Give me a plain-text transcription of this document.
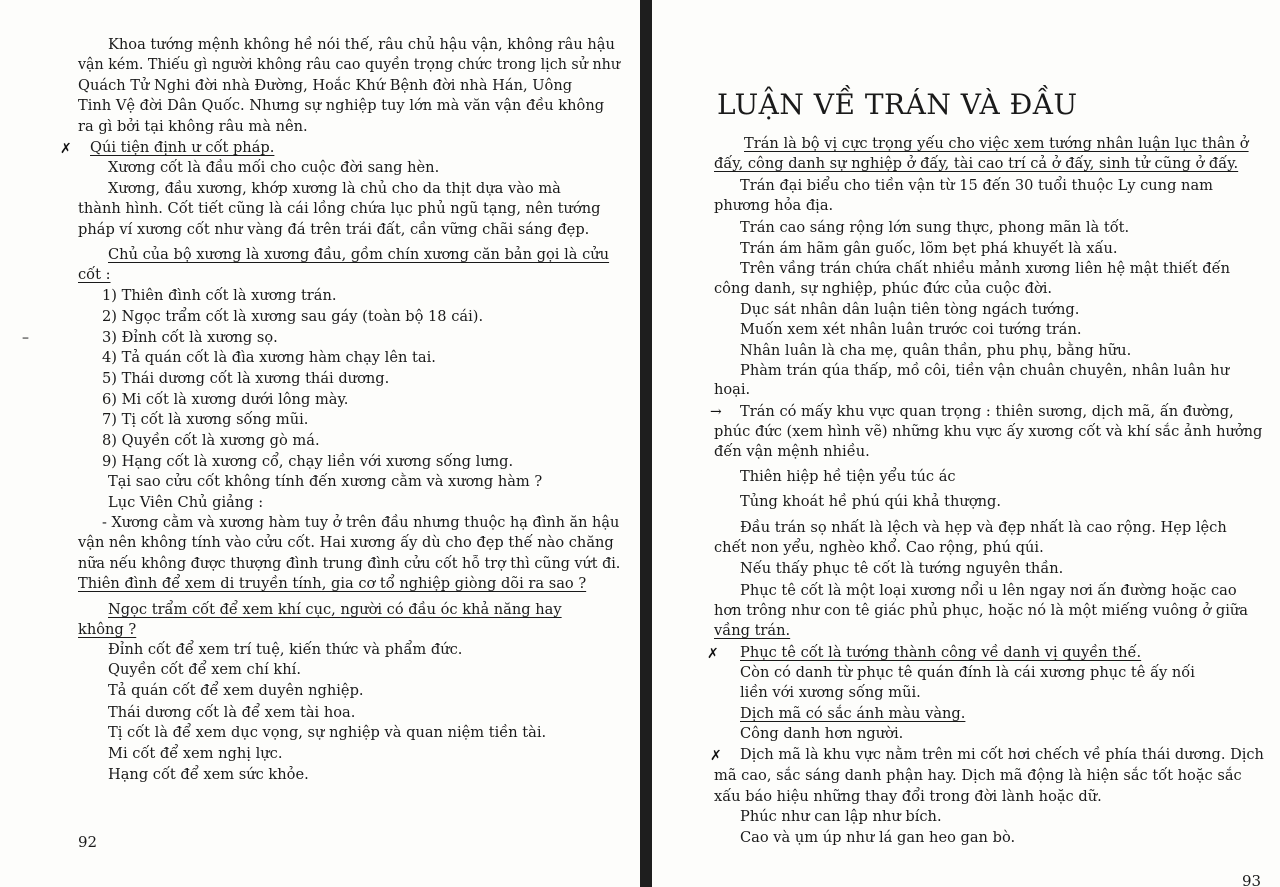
Khoa tướng mệnh không hề nói thế, râu chủ hậu vận, không râu hậu
vận kém. Thiếu gì người không râu cao quyền trọng chức trong lịch sử như
Quách Tử Nghi đời nhà Đường, Hoắc Khứ Bệnh đời nhà Hán, Uông
Tinh Vệ đời Dân Quốc. Nhưng sự nghiệp tuy lớn mà văn vận đều không
ra gì bởi tại không râu mà nên.
✗ Qúi tiện định ư cốt pháp.
Xương cốt là đầu mối cho cuộc đời sang hèn.
Xương, đầu xương, khớp xương là chủ cho da thịt dựa vào mà
thành hình. Cốt tiết cũng là cái lồng chứa lục phủ ngũ tạng, nên tướng
pháp ví xương cốt như vàng đá trên trái đất, cần vững chãi sáng đẹp.
Chủ của bộ xương là xương đầu, gồm chín xương căn bản gọi là cửu
cốt :
1) Thiên đình cốt là xương trán.
2) Ngọc trẩm cốt là xương sau gáy (toàn bộ 18 cái).
3) Đỉnh cốt là xương sọ.
–
4) Tả quán cốt là đìa xương hàm chạy lên tai.
5) Thái dương cốt là xương thái dương.
6) Mi cốt là xương dưới lông mày.
7) Tị cốt là xương sống mũi.
8) Quyền cốt là xương gò má.
9) Hạng cốt là xương cổ, chạy liền với xương sống lưng.
Tại sao cửu cốt không tính đến xương cằm và xương hàm ?
Lục Viên Chủ giảng :
- Xương cằm và xương hàm tuy ở trên đầu nhưng thuộc hạ đình ăn hậu
vận nên không tính vào cửu cốt. Hai xương ấy dù cho đẹp thế nào chăng
nữa nếu không được thượng đình trung đình cửu cốt hỗ trợ thì cũng vứt đi.
Thiên đình để xem di truyền tính, gia cơ tổ nghiệp giòng dõi ra sao ?
Ngọc trẩm cốt để xem khí cục, người có đầu óc khả năng hay
không ?
Đỉnh cốt để xem trí tuệ, kiến thức và phẩm đức.
Quyền cốt để xem chí khí.
Tả quán cốt để xem duyên nghiệp.
Thái dương cốt là để xem tài hoa.
Tị cốt là để xem dục vọng, sự nghiệp và quan niệm tiền tài.
Mi cốt để xem nghị lực.
Hạng cốt để xem sức khỏe.
92
LUẬN VỀ TRÁN VÀ ĐẦU
Trán là bộ vị cực trọng yếu cho việc xem tướng nhân luận lục thân ở
đấy, công danh sự nghiệp ở đấy, tài cao trí cả ở đấy, sinh tử cũng ở đấy.
Trán đại biểu cho tiền vận từ 15 đến 30 tuổi thuộc Ly cung nam
phương hỏa địa.
Trán cao sáng rộng lớn sung thực, phong mãn là tốt.
Trán ám hãm gân guốc, lõm bẹt phá khuyết là xấu.
Trên vầng trán chứa chất nhiều mảnh xương liên hệ mật thiết đến
công danh, sự nghiệp, phúc đức của cuộc đời.
Dục sát nhân dân luận tiên tòng ngách tướng.
Muốn xem xét nhân luân trước coi tướng trán.
Nhân luân là cha mẹ, quân thần, phu phụ, bằng hữu.
Phàm trán qúa thấp, mồ côi, tiền vận chuân chuyên, nhân luân hư
hoại.
→ Trán có mấy khu vực quan trọng : thiên sương, dịch mã, ấn đường,
phúc đức (xem hình vẽ) những khu vực ấy xương cốt và khí sắc ảnh hưởng
đến vận mệnh nhiều.
Thiên hiệp hề tiện yểu túc ác
Tủng khoát hề phú qúi khả thượng.
Đầu trán sọ nhất là lệch và hẹp và đẹp nhất là cao rộng. Hẹp lệch
chết non yểu, nghèo khổ. Cao rộng, phú qúi.
Nếu thấy phục tê cốt là tướng nguyên thần.
Phục tê cốt là một loại xương nổi u lên ngay nơi ấn đường hoặc cao
hơn trông như con tê giác phủ phục, hoặc nó là một miếng vuông ở giữa
vầng trán.
✗ Phục tê cốt là tướng thành công về danh vị quyền thế.
Còn có danh từ phục tê quán đính là cái xương phục tê ấy nối
liền với xương sống mũi.
Dịch mã có sắc ánh màu vàng.
Công danh hơn người.
✗ Dịch mã là khu vực nằm trên mi cốt hơi chếch về phía thái dương. Dịch
mã cao, sắc sáng danh phận hay. Dịch mã động là hiện sắc tốt hoặc sắc
xấu báo hiệu những thay đổi trong đời lành hoặc dữ.
Phúc như can lập như bích.
Cao và ụm úp như lá gan heo gan bò.
93
